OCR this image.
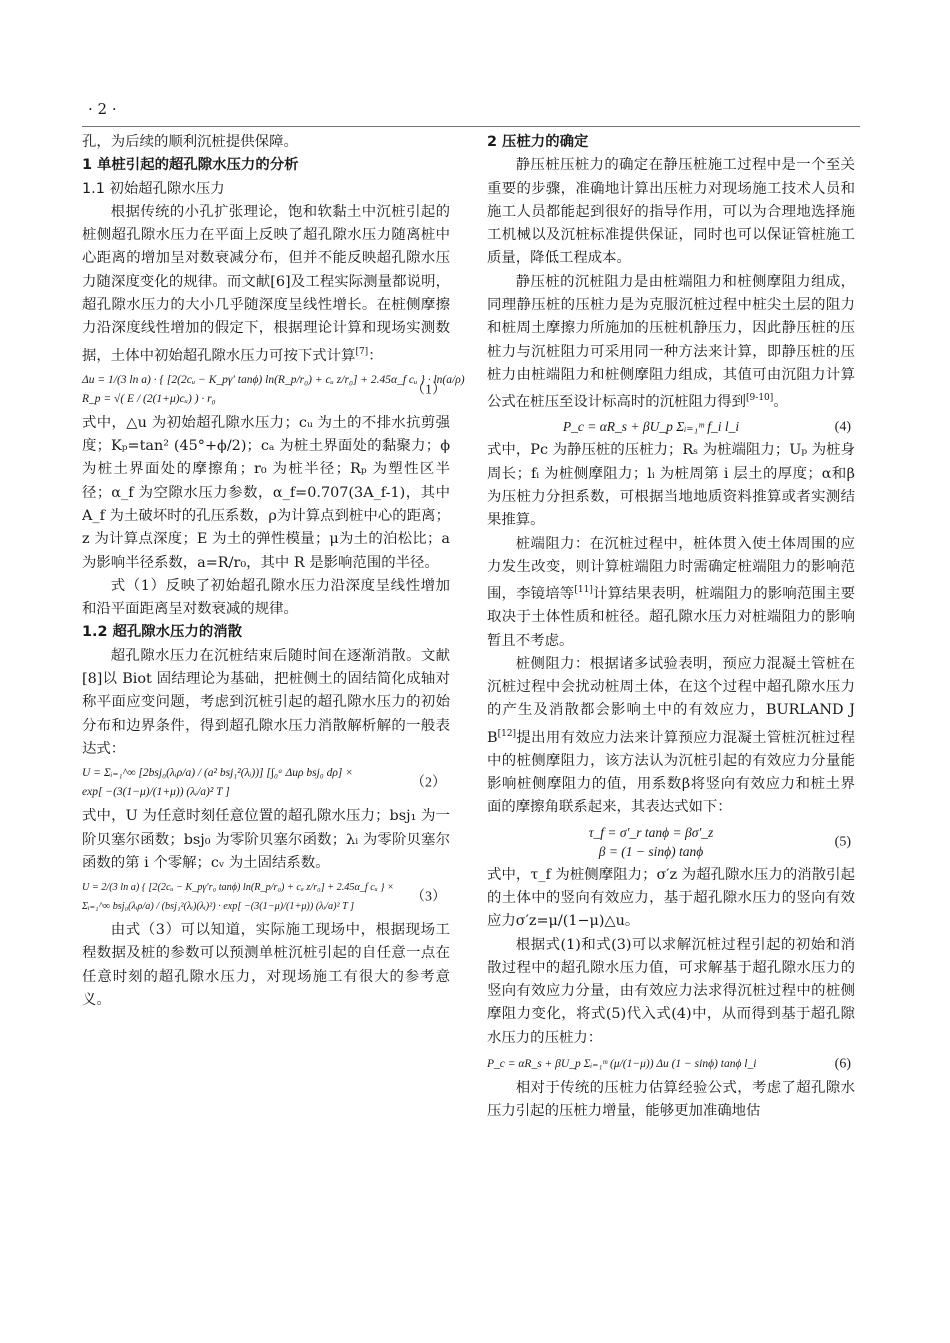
· 2 ·

孔，为后续的顺利沉桩提供保障。

1 单桩引起的超孔隙水压力的分析
1.1 初始超孔隙水压力

根据传统的小孔扩张理论，饱和软黏土中沉桩引起的桩侧超孔隙水压力在平面上反映了超孔隙水压力随离桩中心距离的增加呈对数衰减分布，但并不能反映超孔隙水压力随深度变化的规律。而文献[6]及工程实际测量都说明，超孔隙水压力的大小几乎随深度呈线性增长。在桩侧摩擦力沿深度线性增加的假定下，根据理论计算和现场实测数据，土体中初始超孔隙水压力可按下式计算[7]：

Δu = 1/(3 ln a) · { [2(2cᵤ − K_pγ′ tanϕ) ln(R_p/r₀) + cᵤ z/r₀] + 2.45α_f cᵤ } · ln(a/ρ)
R_p = √( E / (2(1+μ)cᵤ) ) · r₀
（1）

式中，△u 为初始超孔隙水压力；cᵤ 为土的不排水抗剪强度；Kₚ=tan² (45°+ϕ/2)；cₐ 为桩土界面处的黏聚力；ϕ为桩土界面处的摩擦角；r₀ 为桩半径；Rₚ 为塑性区半径；α_f 为空隙水压力参数，α_f=0.707(3A_f-1)，其中 A_f 为土破坏时的孔压系数，ρ为计算点到桩中心的距离；z 为计算点深度；E 为土的弹性模量；μ为土的泊松比；a 为影响半径系数，a=R/r₀，其中 R 是影响范围的半径。

式（1）反映了初始超孔隙水压力沿深度呈线性增加和沿平面距离呈对数衰减的规律。

1.2 超孔隙水压力的消散

超孔隙水压力在沉桩结束后随时间在逐渐消散。文献[8]以 Biot 固结理论为基础，把桩侧土的固结简化成轴对称平面应变问题，考虑到沉桩引起的超孔隙水压力的初始分布和边界条件，得到超孔隙水压力消散解析解的一般表达式：

U = Σᵢ₌₁^∞ [2bsj₀(λᵢρ/a) / (a² bsj₁²(λᵢ))] [∫₀ᵃ Δuρ bsj₀ dρ] ×
exp[ −(3(1−μ)/(1+μ)) (λᵢ/a)² T ]
（2）

式中，U 为任意时刻任意位置的超孔隙水压力；bsj₁ 为一阶贝塞尔函数；bsj₀ 为零阶贝塞尔函数；λᵢ 为零阶贝塞尔函数的第 i 个零解；cᵥ 为土固结系数。

U = 2/(3 ln a) { [2(2cᵤ − K_pγ′r₀ tanϕ) ln(R_p/r₀) + cₐ z/r₀] + 2.45α_f cᵤ } ×
Σᵢ₌₁^∞ bsj₀(λᵢρ/a) / (bsj₁²(λᵢ)(λᵢ)²) · exp[ −(3(1−μ)/(1+μ)) (λᵢ/a)² T ]
（3）

由式（3）可以知道，实际施工现场中，根据现场工程数据及桩的参数可以预测单桩沉桩引起的自任意一点在任意时刻的超孔隙水压力，对现场施工有很大的参考意义。

2 压桩力的确定

静压桩压桩力的确定在静压桩施工过程中是一个至关重要的步骤，准确地计算出压桩力对现场施工技术人员和施工人员都能起到很好的指导作用，可以为合理地选择施工机械以及沉桩标准提供保证，同时也可以保证管桩施工质量，降低工程成本。

静压桩的沉桩阻力是由桩端阻力和桩侧摩阻力组成，同理静压桩的压桩力是为克服沉桩过程中桩尖土层的阻力和桩周土摩擦力所施加的压桩机静压力，因此静压桩的压桩力与沉桩阻力可采用同一种方法来计算，即静压桩的压桩力由桩端阻力和桩侧摩阻力组成，其值可由沉阻力计算公式在桩压至设计标高时的沉桩阻力得到[9-10]。

P_c = αR_s + βU_p Σᵢ₌₁ᵐ f_i l_i	(4)

式中，Pc 为静压桩的压桩力；Rₛ 为桩端阻力；Uₚ 为桩身周长；fᵢ 为桩侧摩阻力；lᵢ 为桩周第 i 层土的厚度；α和β为压桩力分担系数，可根据当地地质资料推算或者实测结果推算。

桩端阻力：在沉桩过程中，桩体贯入使土体周围的应力发生改变，则计算桩端阻力时需确定桩端阻力的影响范围，李镜培等[11]计算结果表明，桩端阻力的影响范围主要取决于土体性质和桩径。超孔隙水压力对桩端阻力的影响暂且不考虑。

桩侧阻力：根据诸多试验表明，预应力混凝土管桩在沉桩过程中会扰动桩周土体，在这个过程中超孔隙水压力的产生及消散都会影响土中的有效应力，BURLAND J B[12]提出用有效应力法来计算预应力混凝土管桩沉桩过程中的桩侧摩阻力，该方法认为沉桩引起的有效应力分量能影响桩侧摩阻力的值，用系数β将竖向有效应力和桩土界面的摩擦角联系起来，其表达式如下：

τ_f = σ′_r tanϕ = βσ′_z
β = (1 − sinϕ) tanϕ
(5)

式中，τ_f 为桩侧摩阻力；σ′z 为超孔隙水压力的消散引起的土体中的竖向有效应力，基于超孔隙水压力的竖向有效应力σ′z=μ/(1−μ)△u。

根据式(1)和式(3)可以求解沉桩过程引起的初始和消散过程中的超孔隙水压力值，可求解基于超孔隙水压力的竖向有效应力分量，由有效应力法求得沉桩过程中的桩侧摩阻力变化，将式(5)代入式(4)中，从而得到基于超孔隙水压力的压桩力：

P_c = αR_s + βU_p Σᵢ₌₁ᵐ (μ/(1−μ)) Δu (1 − sinϕ) tanϕ l_i	(6)

相对于传统的压桩力估算经验公式，考虑了超孔隙水压力引起的压桩力增量，能够更加准确地估
